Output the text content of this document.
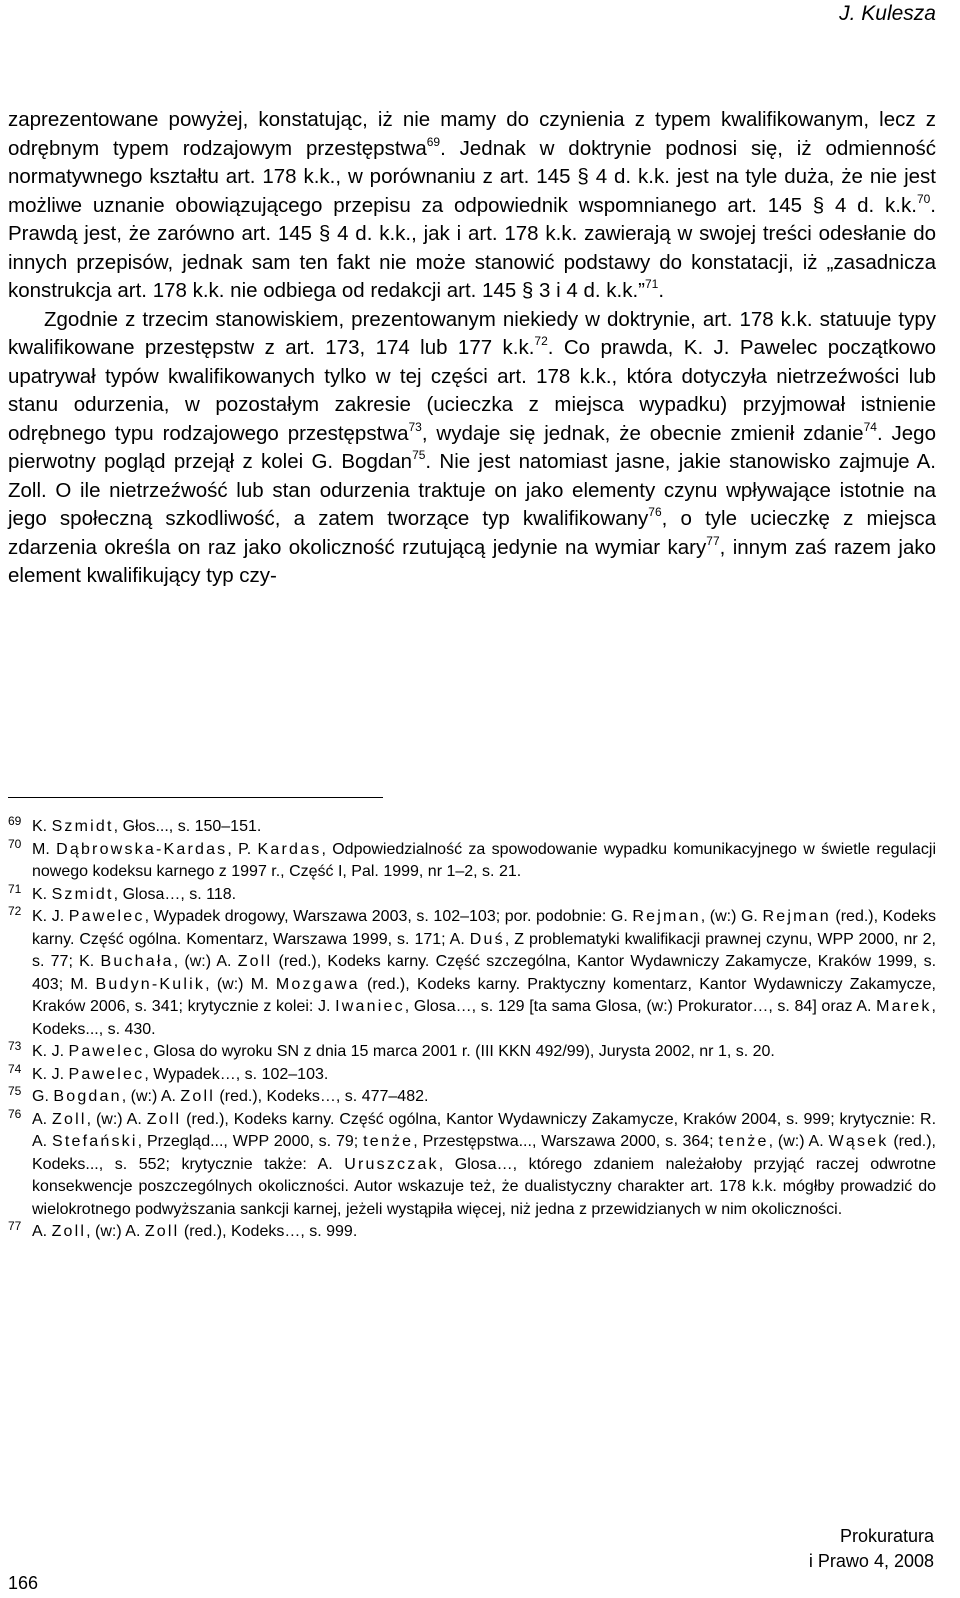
J. Kulesza

zaprezentowane powyżej, konstatując, iż nie mamy do czynienia z typem kwalifikowanym, lecz z odrębnym typem rodzajowym przestępstwa$^{69}$. Jednak w doktrynie podnosi się, iż odmienność normatywnego kształtu art. 178 k.k., w porównaniu z art. 145 § 4 d. k.k. jest na tyle duża, że nie jest możliwe uznanie obowiązującego przepisu za odpowiednik wspomnianego art. 145 § 4 d. k.k.$^{70}$. Prawdą jest, że zarówno art. 145 § 4 d. k.k., jak i art. 178 k.k. zawierają w swojej treści odesłanie do innych przepisów, jednak sam ten fakt nie może stanowić podstawy do konstatacji, iż „zasadnicza konstrukcja art. 178 k.k. nie odbiega od redakcji art. 145 § 3 i 4 d. k.k.”$^{71}$.

Zgodnie z trzecim stanowiskiem, prezentowanym niekiedy w doktrynie, art. 178 k.k. statuuje typy kwalifikowane przestępstw z art. 173, 174 lub 177 k.k.$^{72}$. Co prawda, K. J. Pawelec początkowo upatrywał typów kwalifikowanych tylko w tej części art. 178 k.k., która dotyczyła nietrzeźwości lub stanu odurzenia, w pozostałym zakresie (ucieczka z miejsca wypadku) przyjmował istnienie odrębnego typu rodzajowego przestępstwa$^{73}$, wydaje się jednak, że obecnie zmienił zdanie$^{74}$. Jego pierwotny pogląd przejął z kolei G. Bogdan$^{75}$. Nie jest natomiast jasne, jakie stanowisko zajmuje A. Zoll. O ile nietrzeźwość lub stan odurzenia traktuje on jako elementy czynu wpływające istotnie na jego społeczną szkodliwość, a zatem tworzące typ kwalifikowany$^{76}$, o tyle ucieczkę z miejsca zdarzenia określa on raz jako okoliczność rzutującą jedynie na wymiar kary$^{77}$, innym zaś razem jako element kwalifikujący typ czy-

69 K. Szmidt, Głos..., s. 150–151.

70 M. Dąbrowska-Kardas, P. Kardas, Odpowiedzialność za spowodowanie wypadku komunikacyjnego w świetle regulacji nowego kodeksu karnego z 1997 r., Część I, Pal. 1999, nr 1–2, s. 21.

71 K. Szmidt, Glosa…, s. 118.

72 K. J. Pawelec, Wypadek drogowy, Warszawa 2003, s. 102–103; por. podobnie: G. Rejman, (w:) G. Rejman (red.), Kodeks karny. Część ogólna. Komentarz, Warszawa 1999, s. 171; A. Duś, Z problematyki kwalifikacji prawnej czynu, WPP 2000, nr 2, s. 77; K. Buchała, (w:) A. Zoll (red.), Kodeks karny. Część szczególna, Kantor Wydawniczy Zakamycze, Kraków 1999, s. 403; M. Budyn-Kulik, (w:) M. Mozgawa (red.), Kodeks karny. Praktyczny komentarz, Kantor Wydawniczy Zakamycze, Kraków 2006, s. 341; krytycznie z kolei: J. Iwaniec, Glosa…, s. 129 [ta sama Glosa, (w:) Prokurator…, s. 84] oraz A. Marek, Kodeks..., s. 430.

73 K. J. Pawelec, Glosa do wyroku SN z dnia 15 marca 2001 r. (III KKN 492/99), Jurysta 2002, nr 1, s. 20.

74 K. J. Pawelec, Wypadek…, s. 102–103.

75 G. Bogdan, (w:) A. Zoll (red.), Kodeks…, s. 477–482.

76 A. Zoll, (w:) A. Zoll (red.), Kodeks karny. Część ogólna, Kantor Wydawniczy Zakamycze, Kraków 2004, s. 999; krytycznie: R. A. Stefański, Przegląd..., WPP 2000, s. 79; tenże, Przestępstwa..., Warszawa 2000, s. 364; tenże, (w:) A. Wąsek (red.), Kodeks..., s. 552; krytycznie także: A. Uruszczak, Glosa…, którego zdaniem należałoby przyjąć raczej odwrotne konsekwencje poszczególnych okoliczności. Autor wskazuje też, że dualistyczny charakter art. 178 k.k. mógłby prowadzić do wielokrotnego podwyższania sankcji karnej, jeżeli wystąpiła więcej, niż jedna z przewidzianych w nim okoliczności.

77 A. Zoll, (w:) A. Zoll (red.), Kodeks…, s. 999.

166
Prokuratura
i Prawo 4, 2008
